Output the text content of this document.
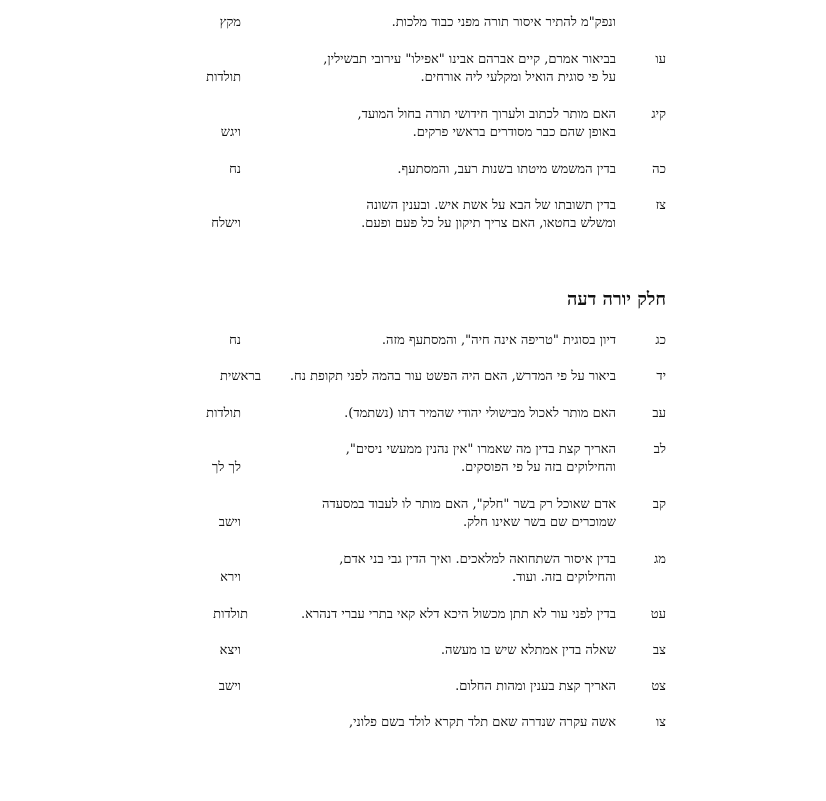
ונפק"מ להתיר איסור תורה מפני כבוד מלכות.
מקץ
עו
בביאור אמרם, קיים אברהם אבינו "אפילו" עירובי תבשילין,
על פי סוגית הואיל ומקלעי ליה אורחים.
תולדות
קיג
האם מותר לכתוב ולערוך חידושי תורה בחול המועד,
באופן שהם כבר מסודרים בראשי פרקים.
ויגש
כה
בדין המשמש מיטתו בשנות רעב, והמסתעף.
נח
צז
בדין תשובתו של הבא על אשת איש. ובענין השונה
ומשלש בחטאו, האם צריך תיקון על כל פעם ופעם.
וישלח
חלק יורה דעה
כג
דיון בסוגית "טריפה אינה חיה", והמסתעף מזה.
נח
יד
ביאור על פי המדרש, האם היה הפשט עור בהמה לפני תקופת נח.
בראשית
עב
האם מותר לאכול מבישולי יהודי שהמיר דתו (נשתמד).
תולדות
לב
האריך קצת בדין מה שאמרו "אין נהנין ממעשי ניסים",
והחילוקים בזה על פי הפוסקים.
לך לך
קב
אדם שאוכל רק בשר "חלק", האם מותר לו לעבוד במסעדה
שמוכרים שם בשר שאינו חלק.
וישב
מג
בדין איסור השתחואה למלאכים. ואיך הדין גבי בני אדם,
והחילוקים בזה. ועוד.
וירא
עט
בדין לפני עור לא תתן מכשול היכא דלא קאי בתרי עברי דנהרא.
תולדות
צב
שאלה בדין אמתלא שיש בו מעשה.
ויצא
צט
האריך קצת בענין ומהות החלום.
וישב
צו
אשה עקרה שנדרה שאם תלד תקרא לולד בשם פלוני,
